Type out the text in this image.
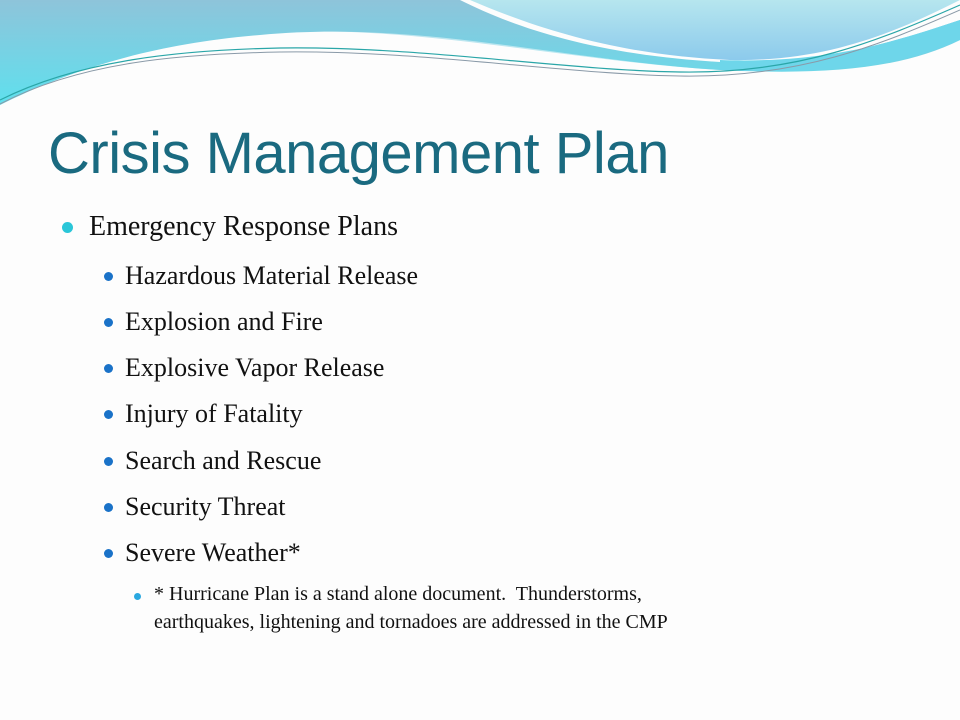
Crisis Management Plan
Emergency Response Plans
Hazardous Material Release
Explosion and Fire
Explosive Vapor Release
Injury of Fatality
Search and Rescue
Security Threat
Severe Weather*
* Hurricane Plan is a stand alone document.  Thunderstorms,
earthquakes, lightening and tornadoes are addressed in the CMP
